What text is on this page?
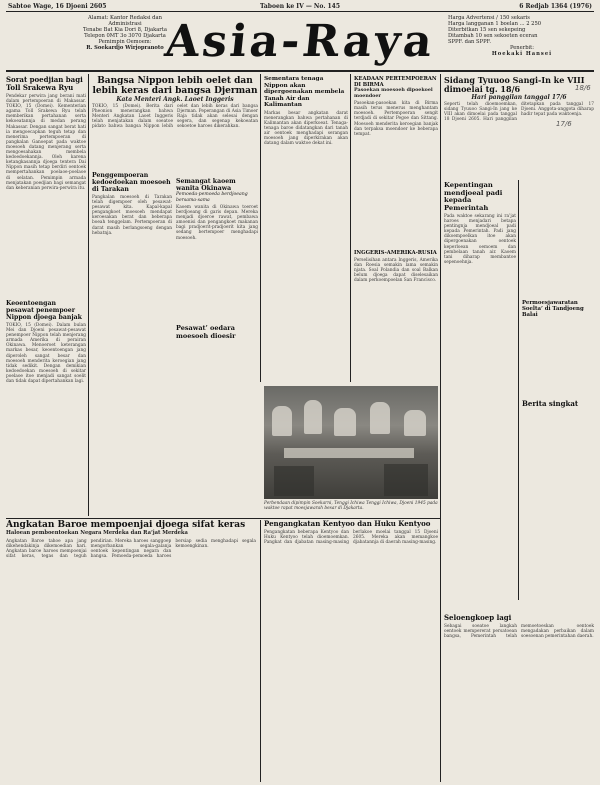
Sabtoe Wage, 16 Djoeni 2605	Taboen ke IV — No. 145	6 Redjab 1364 (1976)
Alamat: Kantor Redaksi dan
Administrasi
Tenabe Bat Kia Dori 8, Djakarta
Telepon 0MT 3o 3070 Djakarta
Pemimpin Oemoem:
R. Soekardjo Wirjopranoto
Asia-Raya	Harga Advertensi / 150 sekaris
Harga langganan 1 boelan ... 2 250
Diterbitkan 15 sen sekepeing
Ditambah 10 sen sekoeten eceran
SPPF. dan SPPF.
Penerbit:
Hoekaki Hansei
Sorat poedjian bagi Toll Srakewa Ryu
Pendekar perwira jang berani mati dalam pertempoeran di Makassar. TOKIO, 15 (Domei). Kementerian agama Toll Srakewa Ryu telah memberikan pertahanan serta kekoeatannja di medan perang Makassar. Dengan sangat berat hati ia mengoecapkan teguh tetap dan menerima pertempoeran di pangkalan Ganoepat pada waktoe moesoeh datang menjerang serta mengoesahakan membela kedoedoekannja. Oleh karena ketangkasannja djoega tentera Dai Nippon masih tetap berdiri oentoek mempertahankan poelaoe-poelaoe di selatan. Pemimpin armada menjatakan poedjian bagi semangat dan keberanian perwira-perwira itu.
Keoentoengan pesawat penempoer Nippon djoega banjak
TOKIO, 15 (Domei). Dalam bulan Mei dan Djoeni pesawat-pesawat penempoer Nippon telah menjerang armada Amerika di perairan Okinawa. Menoeroet keterangan markas besar, keoentoengan jang diperoleh sangat besar dan moesoeh menderita keroegian jang tidak sedikit. Dengan demikian kedoedoekan moesoeh di sekitar poelaoe itoe menjadi sangat soelit dan tidak dapat dipertahankan lagi.
Bangsa Nippon lebih oelet dan lebih keras dari bangsa Djerman
Kata Menteri Angk. Laoet Inggeris
TOKIO, 15 (Domei). Berita dari Pheonion menerangkan bahwa Menteri Angkatan Laoet Inggeris telah menjatakan dalam soeatoe pidato bahwa bangsa Nippon lebih oelet dan lebih keras dari bangsa Djerman. Peperangan di Asia Timoer Raja tidak akan selesai dengan segera, dan segenap kekoeatan sekoetoe haroes dikerahkan.
Penggempoeran kedoedoekan moesoeh di Tarakan
Pangkalan moesoeh di Tarakan telah digempoer oleh pesawat-pesawat kita. Kapal-kapal pengangkoet moesoeh mendapat keroesakan berat dan beberapa boeah tenggelam. Pertempoeran di darat masih berlangsoeng dengan hebatnja.
Semangat kaoem wanita Okinawa
Pemoeda-pemoeda berdjoeang bersama-sama
Kaoem wanita di Okinawa toeroet berdjoeang di garis depan. Mereka menjadi djoeroe rawat, pembawa amoenisi dan pengangkoet makanan bagi pradjoerit-pradjoerit kita jang sedang bertempoer menghadapi moesoeh.
Pesawat’ oedara moesoeh dioesir
Sementara tenaga Nippon akan dipergoenakan membela Tanah Air dan Kalimantan
Markas besar angkatan darat menerangkan bahwa pertahanan di Kalimantan akan diperkoeat. Tenaga-tenaga baroe didatangkan dari tanah air oentoek menghadapi serangan moesoeh jang diperkirakan akan datang dalam waktoe dekat ini.
KEADAAN PERTEMPOERAN DI BIRMA
Pasoekan moesoeh dipoekoel moendoer
Pasoekan-pasoekan kita di Birma masih terus menerus menghantam moesoeh. Pertempoeran sengit terdjadi di sekitar Pegoe dan Sittang. Moesoeh menderita keroegian banjak dan terpaksa moendoer ke beberapa tempat.
INGGERIS-AMERIKA-RUSIA
Perselisihan antara Inggeris, Amerika dan Roesia semakin lama semakin njata. Soal Polandia dan soal Balkan belum djoega dapat diselesaikan dalam perkoempoelan San Francisco.
Perbendaan dipimpin Soekarni, Tenggi Ichiwa Tenggi Ichiwa, Djoeni 1945 pada waktoe rapat moesjawarah besar di Djakarta.
Sidang Tyuuoo Sangi-In ke VIII dimoelai tg. 18/6
Hari panggilan tanggal 17/6
Seperti telah dioemoemkan, sidang Tyuuoo Sangi-In jang ke VIII akan dimoelai pada tanggal 18 Djoeni 2605. Hari panggilan ditetapkan pada tanggal 17 Djoeni. Anggota-anggota diharap hadir tepat pada waktoenja.
Kepentingan mendjoeal padi kepada Pemerintah
Pada waktoe sekarang ini ra’jat haroes menjadari betapa pentingnja mendjoeal padi kepada Pemerintah. Padi jang dikoempoelkan itoe akan dipergoenakan oentoek keperloean oemoem dan pembelaan tanah air. Kaoem tani diharap membantoe sepenoehnja.
Permoesjawaratan Soelta’ di Tandjoeng Balai
Berita singkat
Seloengkoep lagi
Sebagai soeatoe langkah oentoek mempererat persatoean bangsa, Pemerintah telah memoetoeskan oentoek mengadakan perbaikan dalam soesoenan pemerintahan daerah.
Angkatan Baroe mempoenjai djoega sifat keras
Haloean pemboentoekan Negara Merdeka dan Ra’jat Merdeka
Angkatan Baroe tahoe apa jang dikehendakinja dikemoedian hari. Angkatan baroe haroes mempoenjai sifat keras, tegas dan teguh pendirian. Mereka haroes sanggoep mengorbankan segala-galanja oentoek kepentingan negara dan bangsa. Pemoeda-pemoeda haroes bersiap sedia menghadapi segala kemoengkinan.
Pengangkatan Kentyoo dan Huku Kentyoo
Pengangkatan beberapa Kentyoo dan Huku Kentyoo telah dioemoemkan. Pangkat dan djabatan masing-masing berlakoe moelai tanggal 15 Djoeni 2605. Mereka akan memangkoe djabatannja di daerah masing-masing.
17/6
18/6
